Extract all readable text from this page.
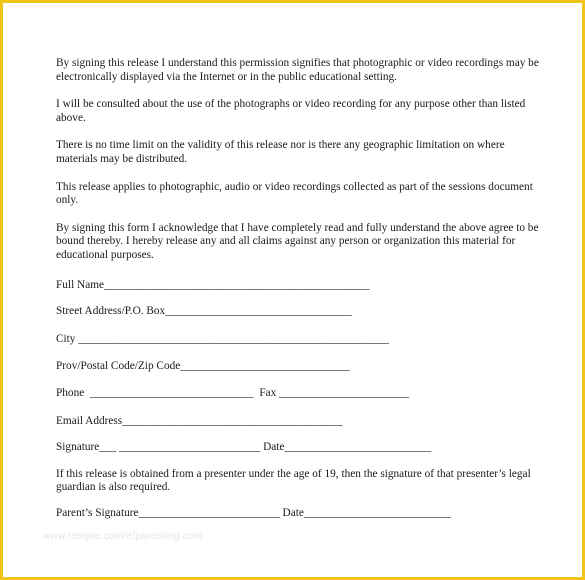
By signing this release I understand this permission signifies that photographic or video recordings may be electronically displayed via the Internet or in the public educational setting.

I will be consulted about the use of the photographs or video recording for any purpose other than listed above.

There is no time limit on the validity of this release nor is there any geographic limitation on where materials may be distributed.

This release applies to photographic, audio or video recordings collected as part of the sessions document only.

By signing this form I acknowledge that I have completely read and fully understand the above agree to be bound thereby. I hereby release any and all claims against any person or organization this material for educational purposes.

Full Name_______________________________________________

Street Address/P.O. Box_________________________________

City _______________________________________________________

Prov/Postal Code/Zip Code______________________________

Phone  _____________________________  Fax _______________________

Email Address_______________________________________

Signature___ _________________________ Date__________________________

If this release is obtained from a presenter under the age of 19, then the signature of that presenter’s legal guardian is also required.

Parent’s Signature_________________________ Date__________________________

www.tempte.com/e/parenting.com
